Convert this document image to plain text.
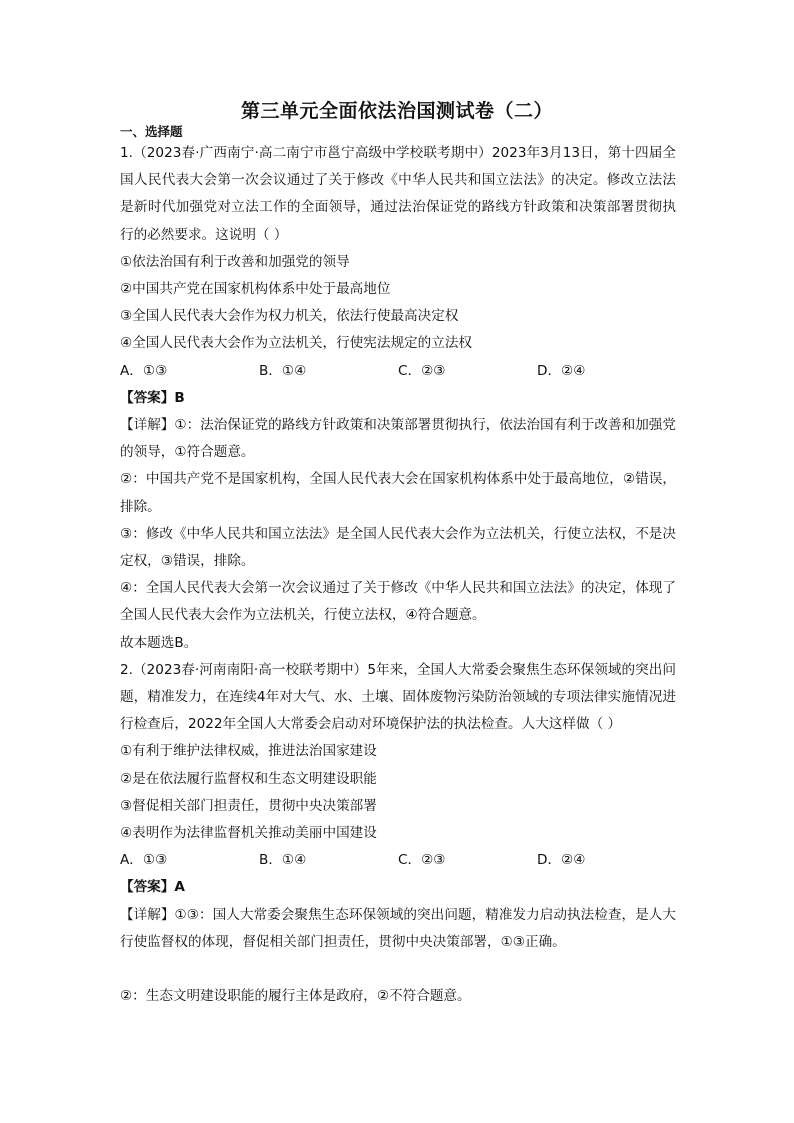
第三单元全面依法治国测试卷（二）
一、选择题

1.（2023春·广西南宁·高二南宁市邕宁高级中学校联考期中）2023年3月13日，第十四届全国人民代表大会第一次会议通过了关于修改《中华人民共和国立法法》的决定。修改立法法是新时代加强党对立法工作的全面领导，通过法治保证党的路线方针政策和决策部署贯彻执行的必然要求。这说明（ ）

①依法治国有利于改善和加强党的领导

②中国共产党在国家机构体系中处于最高地位

③全国人民代表大会作为权力机关，依法行使最高决定权

④全国人民代表大会作为立法机关，行使宪法规定的立法权

A．①③	B．①④	C．②③	D．②④

【答案】B

【详解】①：法治保证党的路线方针政策和决策部署贯彻执行，依法治国有利于改善和加强党的领导，①符合题意。

②：中国共产党不是国家机构，全国人民代表大会在国家机构体系中处于最高地位，②错误，排除。

③：修改《中华人民共和国立法法》是全国人民代表大会作为立法机关，行使立法权，不是决定权，③错误，排除。

④：全国人民代表大会第一次会议通过了关于修改《中华人民共和国立法法》的决定，体现了全国人民代表大会作为立法机关，行使立法权，④符合题意。

故本题选B。

2.（2023春·河南南阳·高一校联考期中）5年来，全国人大常委会聚焦生态环保领域的突出问题，精准发力，在连续4年对大气、水、土壤、固体废物污染防治领域的专项法律实施情况进行检查后，2022年全国人大常委会启动对环境保护法的执法检查。人大这样做（ ）

①有利于维护法律权威，推进法治国家建设

②是在依法履行监督权和生态文明建设职能

③督促相关部门担责任，贯彻中央决策部署

④表明作为法律监督机关推动美丽中国建设

A．①③	B．①④	C．②③	D．②④

【答案】A

【详解】①③：国人大常委会聚焦生态环保领域的突出问题，精准发力启动执法检查，是人大行使监督权的体现，督促相关部门担责任，贯彻中央决策部署，①③正确。

②：生态文明建设职能的履行主体是政府，②不符合题意。
